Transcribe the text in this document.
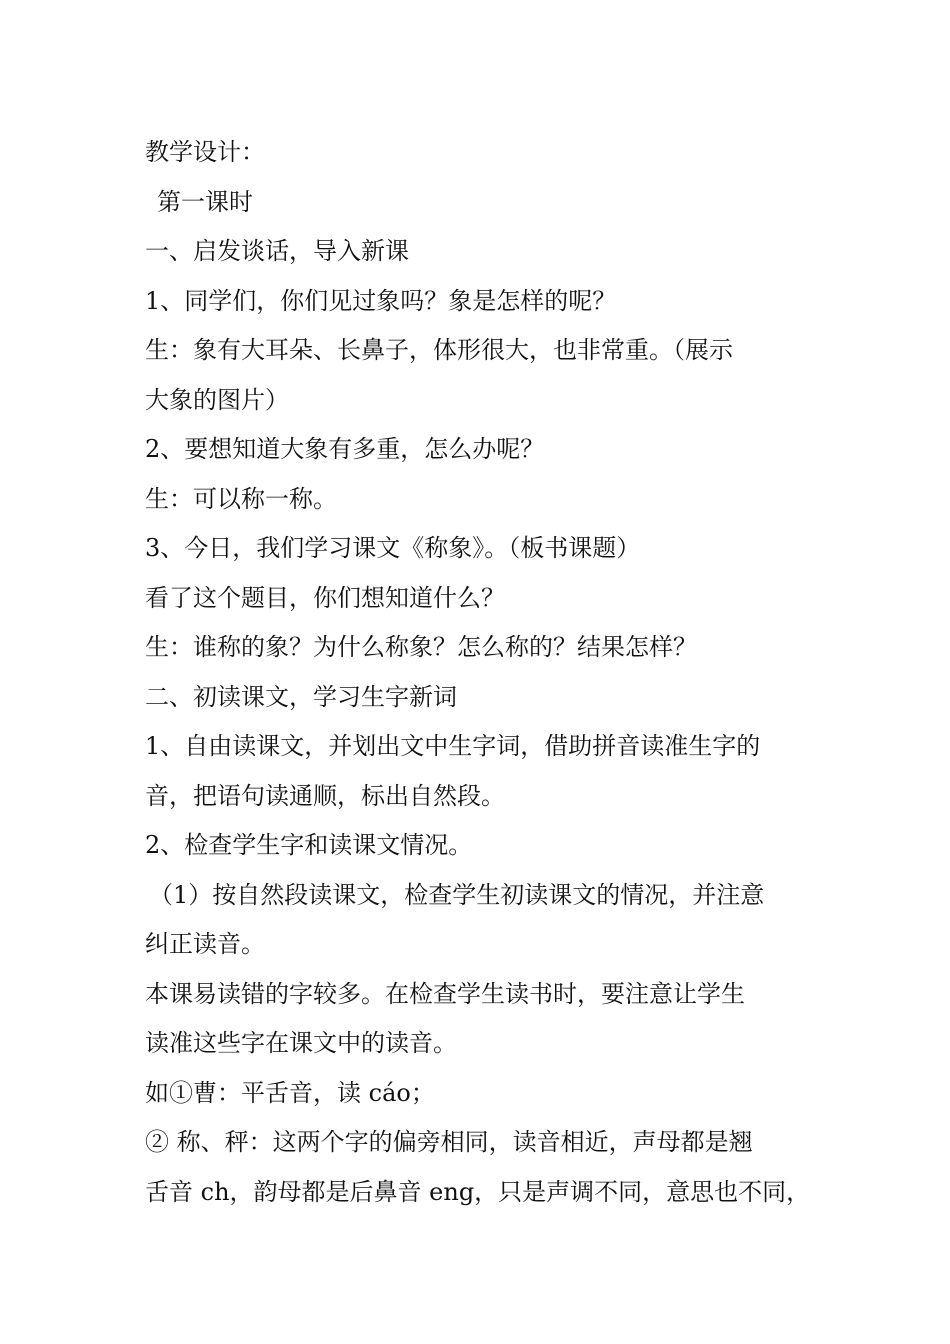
教学设计：
第一课时
一、启发谈话，导入新课
1、同学们，你们见过象吗？象是怎样的呢？
生：象有大耳朵、长鼻子，体形很大，也非常重。（展示
大象的图片）
2、要想知道大象有多重，怎么办呢？
生：可以称一称。
3、今日，我们学习课文《称象》。（板书课题）
看了这个题目，你们想知道什么？
生：谁称的象？为什么称象？怎么称的？结果怎样？
二、初读课文，学习生字新词
1、自由读课文，并划出文中生字词，借助拼音读准生字的
音，把语句读通顺，标出自然段。
2、检查学生字和读课文情况。
（1）按自然段读课文，检查学生初读课文的情况，并注意
纠正读音。
本课易读错的字较多。在检查学生读书时，要注意让学生
读准这些字在课文中的读音。
如①曹：平舌音，读 cáo；
② 称、秤：这两个字的偏旁相同，读音相近，声母都是翘
舌音 ch，韵母都是后鼻音 eng，只是声调不同，意思也不同，
